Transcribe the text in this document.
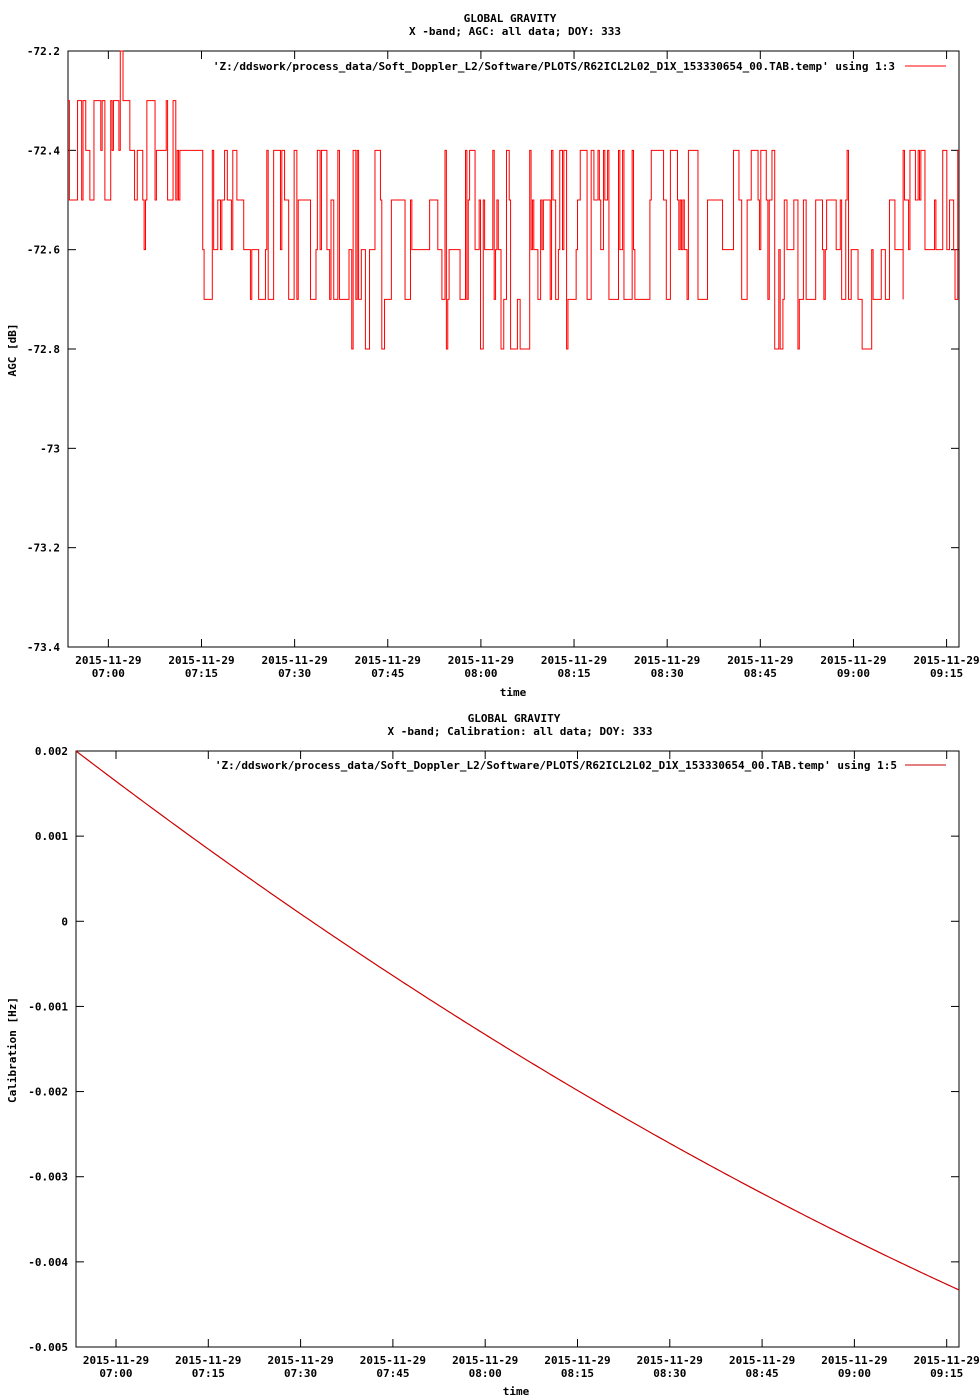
GLOBAL GRAVITY
X -band; AGC: all data; DOY: 333
-72.2
-72.4
-72.6
-72.8
-73
-73.2
-73.4
2015-11-29
07:00
2015-11-29
07:15
2015-11-29
07:30
2015-11-29
07:45
2015-11-29
08:00
2015-11-29
08:15
2015-11-29
08:30
2015-11-29
08:45
2015-11-29
09:00
2015-11-29
09:15
'Z:/ddswork/process_data/Soft_Doppler_L2/Software/PLOTS/R62ICL2L02_D1X_153330654_00.TAB.temp' using 1:3
AGC [dB]
time
GLOBAL GRAVITY
X -band; Calibration: all data; DOY: 333
0.002
0.001
0
-0.001
-0.002
-0.003
-0.004
-0.005
2015-11-29
07:00
2015-11-29
07:15
2015-11-29
07:30
2015-11-29
07:45
2015-11-29
08:00
2015-11-29
08:15
2015-11-29
08:30
2015-11-29
08:45
2015-11-29
09:00
2015-11-29
09:15
'Z:/ddswork/process_data/Soft_Doppler_L2/Software/PLOTS/R62ICL2L02_D1X_153330654_00.TAB.temp' using 1:5
Calibration [Hz]
time
